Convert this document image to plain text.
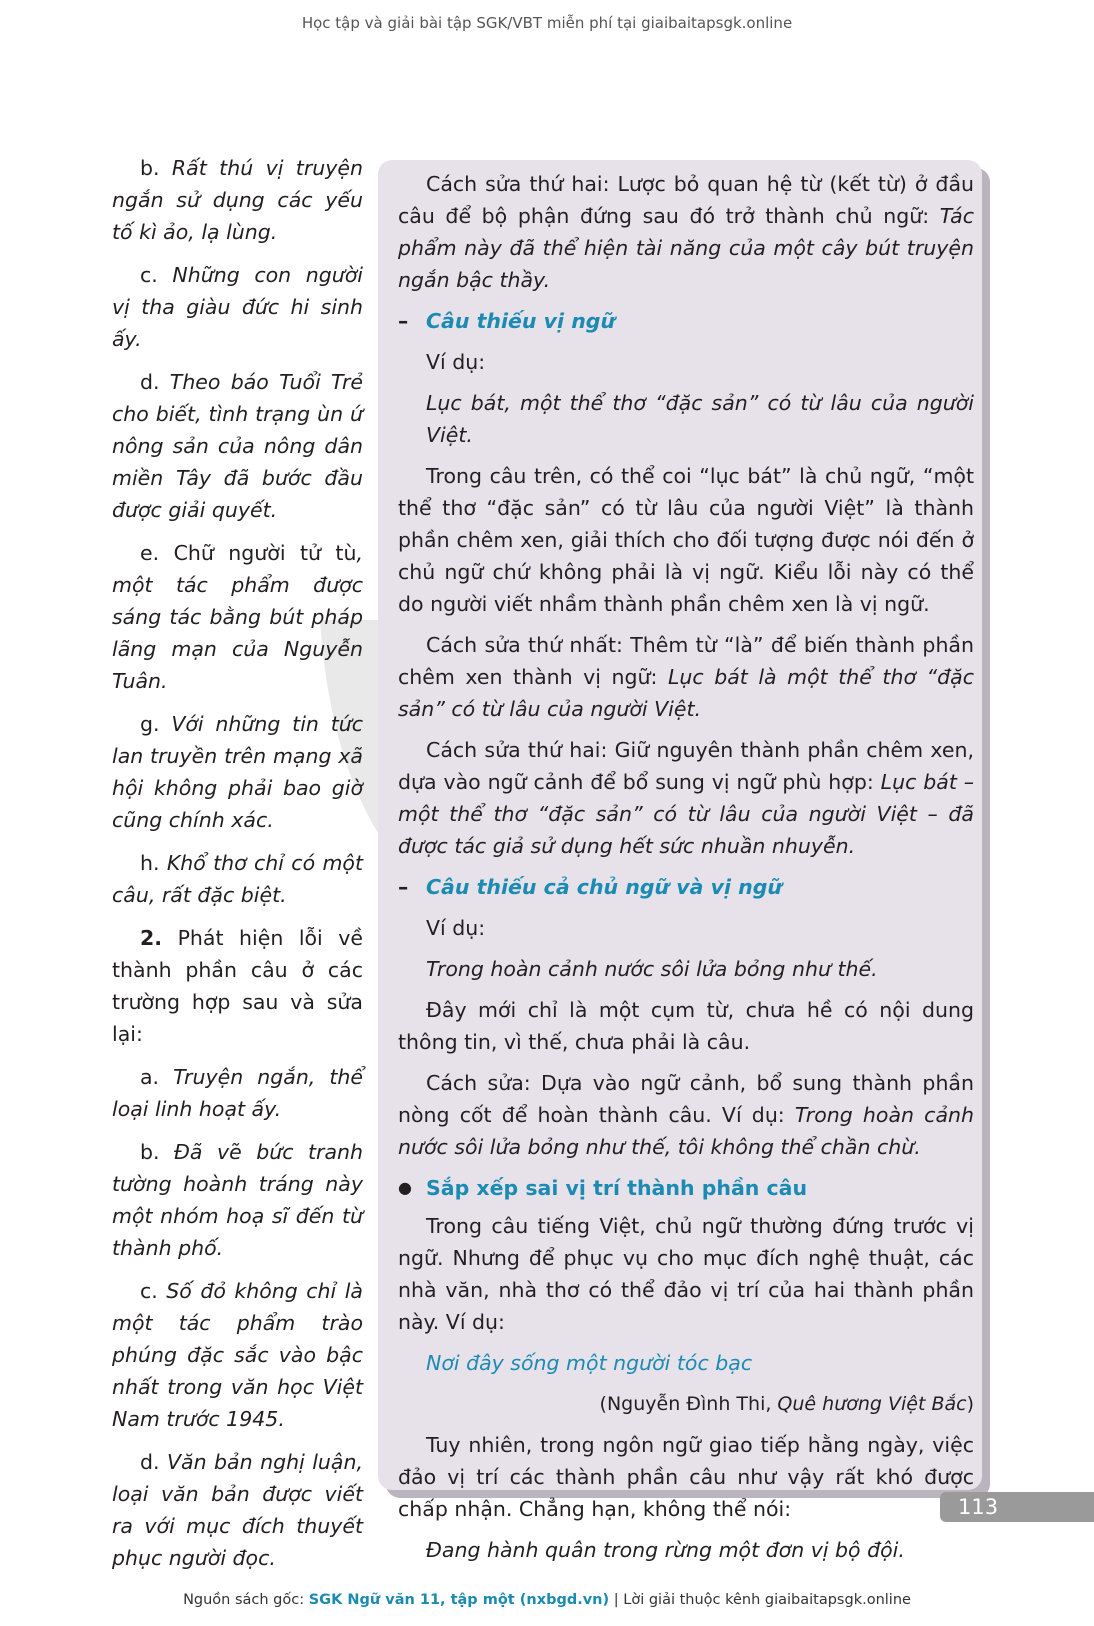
Học tập và giải bài tập SGK/VBT miễn phí tại giaibaitapsgk.online

b. Rất thú vị truyện ngắn sử dụng các yếu tố kì ảo, lạ lùng.

c. Những con người vị tha giàu đức hi sinh ấy.

d. Theo báo Tuổi Trẻ cho biết, tình trạng ùn ứ nông sản của nông dân miền Tây đã bước đầu được giải quyết.

e. Chữ người tử tù, một tác phẩm được sáng tác bằng bút pháp lãng mạn của Nguyễn Tuân.

g. Với những tin tức lan truyền trên mạng xã hội không phải bao giờ cũng chính xác.

h. Khổ thơ chỉ có một câu, rất đặc biệt.

2. Phát hiện lỗi về thành phần câu ở các trường hợp sau và sửa lại:

a. Truyện ngắn, thể loại linh hoạt ấy.

b. Đã vẽ bức tranh tường hoành tráng này một nhóm hoạ sĩ đến từ thành phố.

c. Số đỏ không chỉ là một tác phẩm trào phúng đặc sắc vào bậc nhất trong văn học Việt Nam trước 1945.

d. Văn bản nghị luận, loại văn bản được viết ra với mục đích thuyết phục người đọc.

Cách sửa thứ hai: Lược bỏ quan hệ từ (kết từ) ở đầu câu để bộ phận đứng sau đó trở thành chủ ngữ: Tác phẩm này đã thể hiện tài năng của một cây bút truyện ngắn bậc thầy.

– Câu thiếu vị ngữ

Ví dụ:

Lục bát, một thể thơ “đặc sản” có từ lâu của người Việt.

Trong câu trên, có thể coi “lục bát” là chủ ngữ, “một thể thơ “đặc sản” có từ lâu của người Việt” là thành phần chêm xen, giải thích cho đối tượng được nói đến ở chủ ngữ chứ không phải là vị ngữ. Kiểu lỗi này có thể do người viết nhầm thành phần chêm xen là vị ngữ.

Cách sửa thứ nhất: Thêm từ “là” để biến thành phần chêm xen thành vị ngữ: Lục bát là một thể thơ “đặc sản” có từ lâu của người Việt.

Cách sửa thứ hai: Giữ nguyên thành phần chêm xen, dựa vào ngữ cảnh để bổ sung vị ngữ phù hợp: Lục bát – một thể thơ “đặc sản” có từ lâu của người Việt – đã được tác giả sử dụng hết sức nhuần nhuyễn.

– Câu thiếu cả chủ ngữ và vị ngữ

Ví dụ:

Trong hoàn cảnh nước sôi lửa bỏng như thế.

Đây mới chỉ là một cụm từ, chưa hề có nội dung thông tin, vì thế, chưa phải là câu.

Cách sửa: Dựa vào ngữ cảnh, bổ sung thành phần nòng cốt để hoàn thành câu. Ví dụ: Trong hoàn cảnh nước sôi lửa bỏng như thế, tôi không thể chần chừ.

● Sắp xếp sai vị trí thành phần câu

Trong câu tiếng Việt, chủ ngữ thường đứng trước vị ngữ. Nhưng để phục vụ cho mục đích nghệ thuật, các nhà văn, nhà thơ có thể đảo vị trí của hai thành phần này. Ví dụ:

Nơi đây sống một người tóc bạc

(Nguyễn Đình Thi, Quê hương Việt Bắc)

Tuy nhiên, trong ngôn ngữ giao tiếp hằng ngày, việc đảo vị trí các thành phần câu như vậy rất khó được chấp nhận. Chẳng hạn, không thể nói:

Đang hành quân trong rừng một đơn vị bộ đội.

113
Nguồn sách gốc: SGK Ngữ văn 11, tập một (nxbgd.vn) | Lời giải thuộc kênh giaibaitapsgk.online
